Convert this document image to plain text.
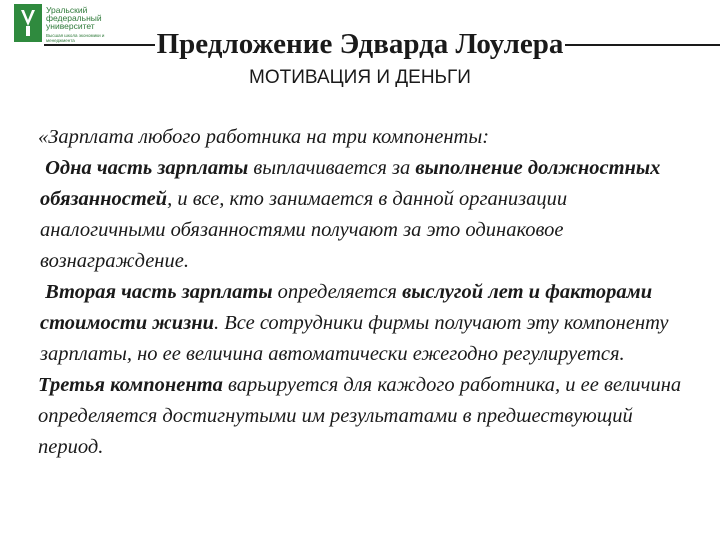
Уральский
федеральный
университет
Высшая школа экономики и менеджмента	Предложение Эдварда Лоулера
МОТИВАЦИЯ И ДЕНЬГИ

«Зарплата любого работника на три компоненты:

Одна часть зарплаты выплачивается за выполнение должностных обязанностей, и все, кто занимается в данной организации аналогичными обязанностями получают за это одинаковое вознаграждение.

Вторая часть зарплаты определяется выслугой лет и факторами стоимости жизни. Все сотрудники фирмы получают эту компоненту зарплаты, но ее величина автоматически ежегодно регулируется.

Третья компонента варьируется для каждого работника, и ее величина определяется достигнутыми им результатами в предшествующий период.
